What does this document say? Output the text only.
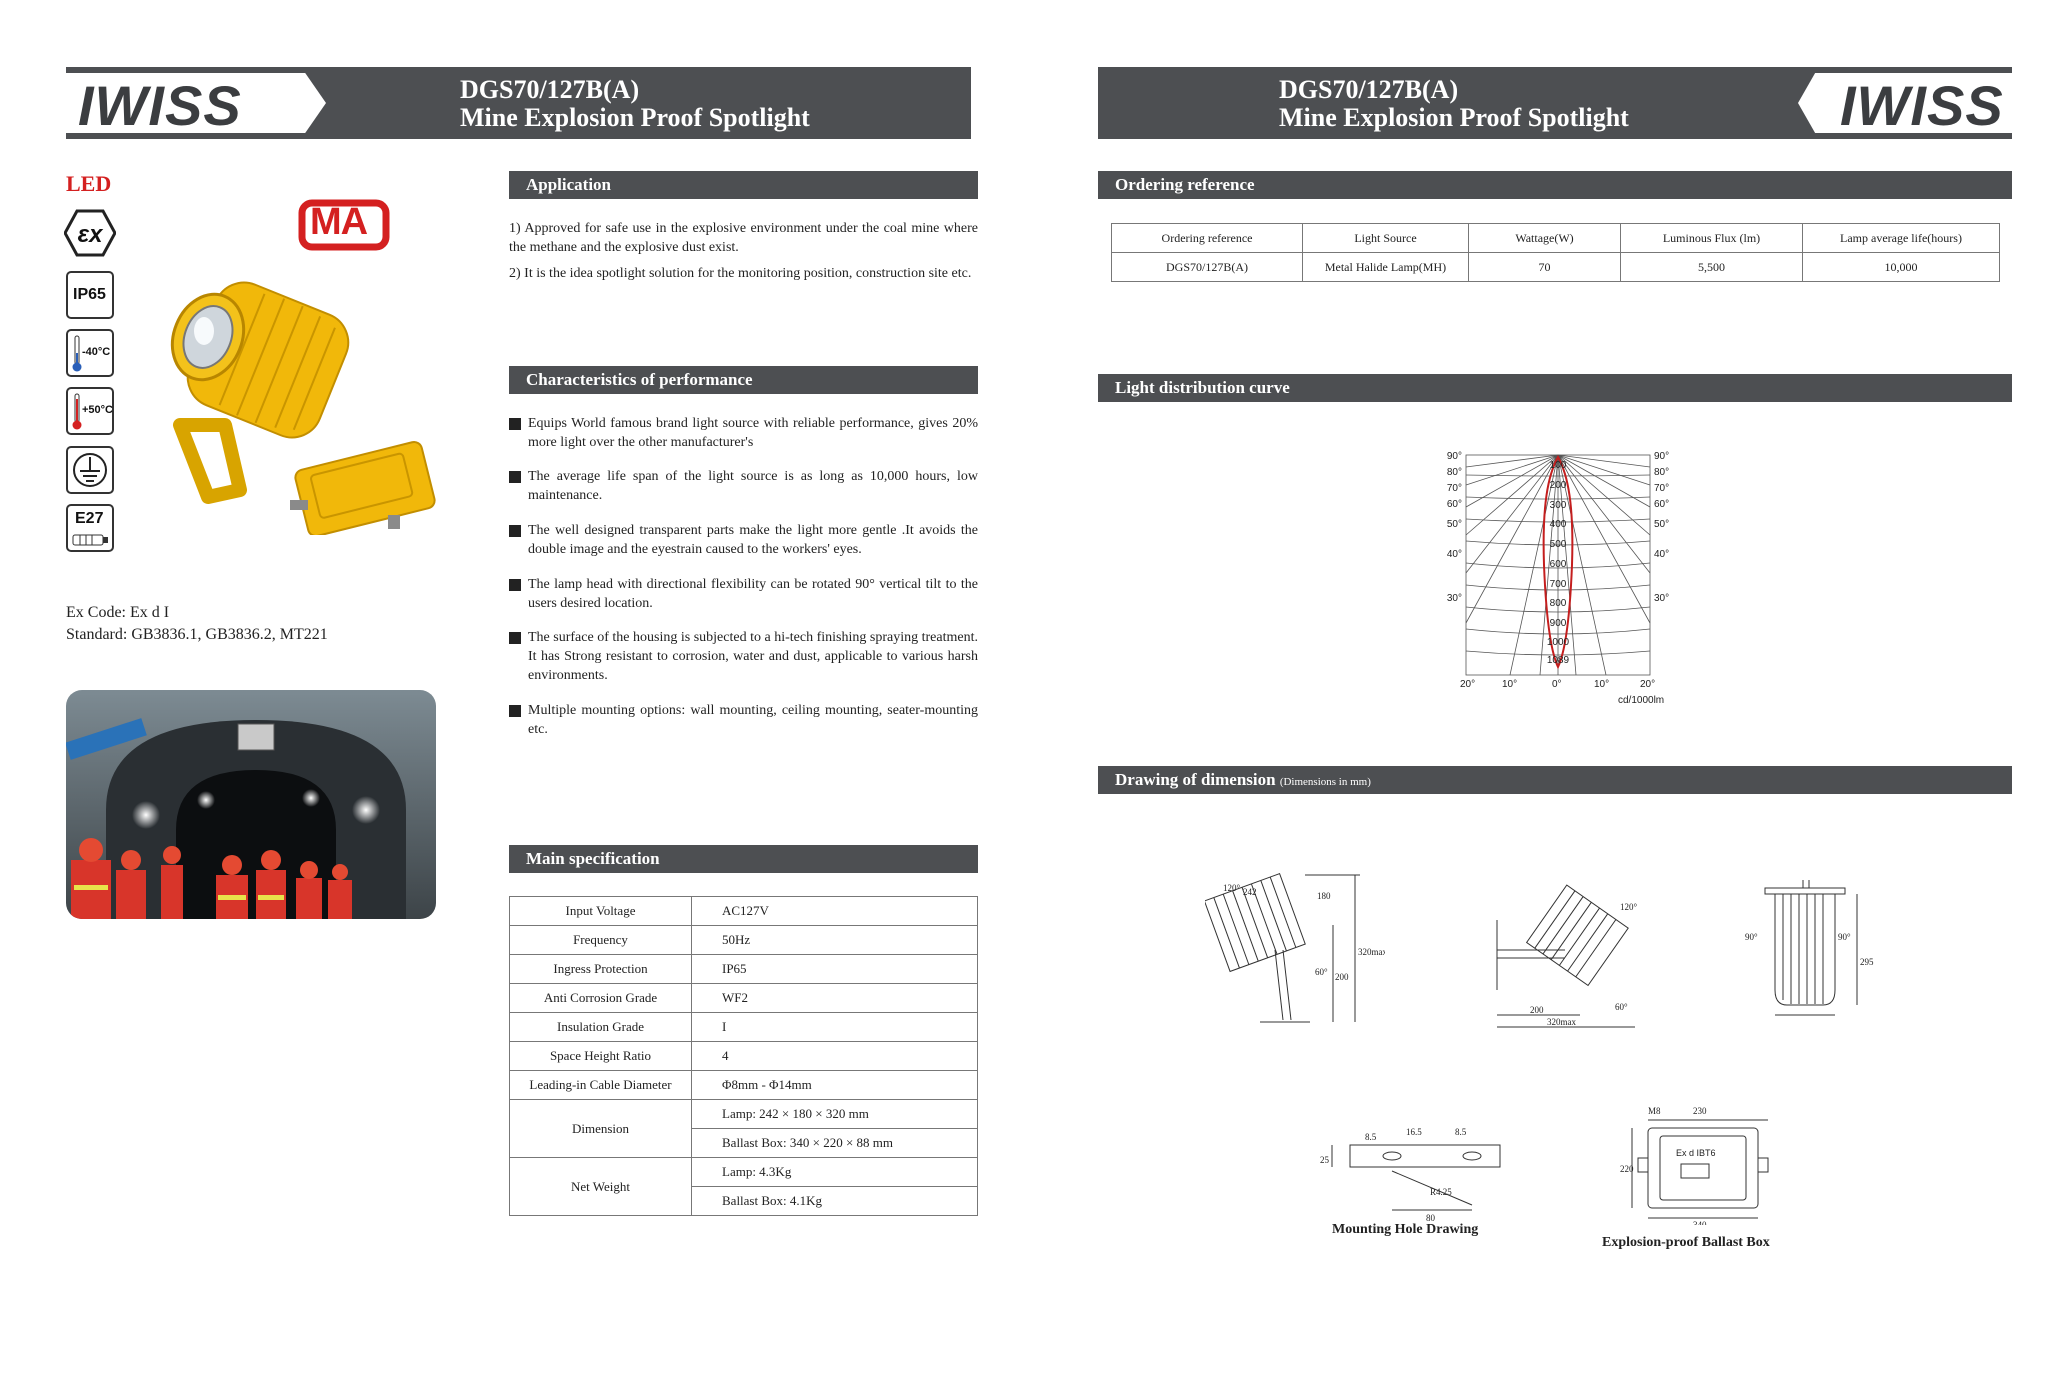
IWISS	DGS70/127B(A)
Mine Explosion Proof Spotlight
LED
εx
IP65
-40°C
+50°C
E27
MA
Ex Code: Ex d I
Standard: GB3836.1, GB3836.2, MT221
Application
1) Approved for safe use in the explosive environment under the coal mine where the methane and the explosive dust exist.
2) It is the idea spotlight solution for the monitoring position, construction site etc.
Characteristics of performance
Equips World famous brand light source with reliable performance, gives 20% more light over the other manufacturer's
The average life span of the light source is as long as 10,000 hours, low maintenance.
The well designed transparent parts make the light more gentle .It avoids the double image and the eyestrain caused to the workers' eyes.
The lamp head with directional flexibility can be rotated 90° vertical tilt to the users desired location.
The surface of the housing is subjected to a hi-tech finishing spraying treatment. It has Strong resistant to corrosion, water and dust, applicable to various harsh environments.
Multiple mounting options: wall mounting, ceiling mounting, seater-mounting etc.
Main specification
Input Voltage	AC127V
Frequency	50Hz
Ingress Protection	IP65
Anti Corrosion Grade	WF2
Insulation Grade	I
Space Height Ratio	4
Leading-in Cable Diameter	Φ8mm - Φ14mm
Dimension	Lamp: 242 × 180 × 320 mm
	Ballast Box: 340 × 220 × 88 mm
Net Weight	Lamp: 4.3Kg
	Ballast Box: 4.1Kg
DGS70/127B(A)
Mine Explosion Proof Spotlight	IWISS
Ordering reference
Ordering reference	Light Source	Wattage(W)	Luminous Flux (lm)	Lamp average life(hours)
DGS70/127B(A)	Metal Halide Lamp(MH)	70	5,500	10,000
Light distribution curve
100
200
300
400
500
600
700
800
900
1000
1089
90°
80°
70°
60°
50°
40°
30°
90°
80°
70°
60°
50°
40°
30°
20°	10°	0°	10°	20°
cd/1000lm
Drawing of dimension (Dimensions in mm)
120° 242	180
320max
200
60°
120°
200
320max
60°
90°	90°
295
25
8.5	16.5	8.5
R4.25
80
Mounting Hole Drawing
M8	230
220
Ex d IBT6
340
Explosion-proof Ballast Box
